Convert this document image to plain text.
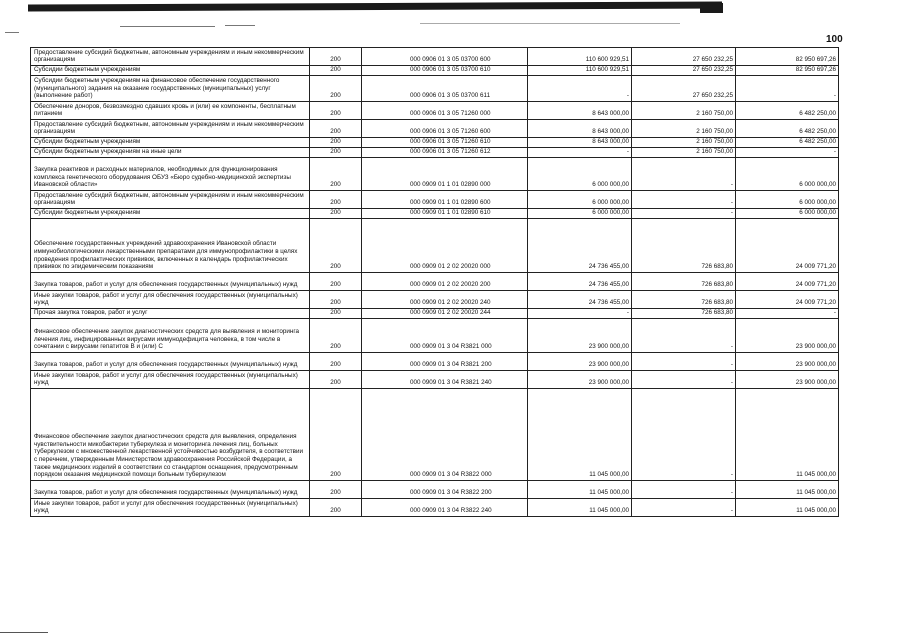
100
Предоставление субсидий бюджетным, автономным учреждениям и иным некоммерческим организациям	200	000 0906 01 3 05 03700 600	110 600 929,51	27 650 232,25	82 950 697,26
Субсидии бюджетным учреждениям	200	000 0906 01 3 05 03700 610	110 600 929,51	27 650 232,25	82 950 697,26
Субсидии бюджетным учреждениям на финансовое обеспечение государственного (муниципального) задания на оказание государственных (муниципальных) услуг (выполнение работ)	200	000 0906 01 3 05 03700 611	-	27 650 232,25	-
Обеспечение доноров, безвозмездно сдавших кровь и (или) ее компоненты, бесплатным питанием	200	000 0906 01 3 05 71260 000	8 643 000,00	2 160 750,00	6 482 250,00
Предоставление субсидий бюджетным, автономным учреждениям и иным некоммерческим организациям	200	000 0906 01 3 05 71260 600	8 643 000,00	2 160 750,00	6 482 250,00
Субсидии бюджетным учреждениям	200	000 0906 01 3 05 71260 610	8 643 000,00	2 160 750,00	6 482 250,00
Субсидии бюджетным учреждениям на иные цели	200	000 0906 01 3 05 71260 612	-	2 160 750,00	-
Закупка реактивов и расходных материалов, необходимых для функционирования комплекса генетического оборудования ОБУЗ «Бюро судебно-медицинской экспертизы Ивановской области»	200	000 0909 01 1 01 02890 000	6 000 000,00	-	6 000 000,00
Предоставление субсидий бюджетным, автономным учреждениям и иным некоммерческим организациям	200	000 0909 01 1 01 02890 600	6 000 000,00	-	6 000 000,00
Субсидии бюджетным учреждениям	200	000 0909 01 1 01 02890 610	6 000 000,00	-	6 000 000,00
Обеспечение государственных учреждений здравоохранения Ивановской области иммунобиологическими лекарственными препаратами для иммунопрофилактики в целях проведения профилактических прививок, включенных в календарь профилактических прививок по эпидемическим показаниям	200	000 0909 01 2 02 20020 000	24 736 455,00	726 683,80	24 009 771,20
Закупка товаров, работ и услуг для обеспечения государственных (муниципальных) нужд	200	000 0909 01 2 02 20020 200	24 736 455,00	726 683,80	24 009 771,20
Иные закупки товаров, работ и услуг для обеспечения государственных (муниципальных) нужд	200	000 0909 01 2 02 20020 240	24 736 455,00	726 683,80	24 009 771,20
Прочая закупка товаров, работ и услуг	200	000 0909 01 2 02 20020 244	-	726 683,80	-
Финансовое обеспечение закупок диагностических средств для выявления и мониторинга лечения лиц, инфицированных вирусами иммунодефицита человека, в том числе в сочетании с вирусами гепатитов В и (или) С	200	000 0909 01 3 04 R3821 000	23 900 000,00	-	23 900 000,00
Закупка товаров, работ и услуг для обеспечения государственных (муниципальных) нужд	200	000 0909 01 3 04 R3821 200	23 900 000,00	-	23 900 000,00
Иные закупки товаров, работ и услуг для обеспечения государственных (муниципальных) нужд	200	000 0909 01 3 04 R3821 240	23 900 000,00	-	23 900 000,00
Финансовое обеспечение закупок диагностических средств для выявления, определения чувствительности микобактерии туберкулеза и мониторинга лечения лиц, больных туберкулезом с множественной лекарственной устойчивостью возбудителя, в соответствии с перечнем, утвержденным Министерством здравоохранения Российской Федерации, а также медицинских изделий в соответствии со стандартом оснащения, предусмотренным порядком оказания медицинской помощи больным туберкулезом	200	000 0909 01 3 04 R3822 000	11 045 000,00	-	11 045 000,00
Закупка товаров, работ и услуг для обеспечения государственных (муниципальных) нужд	200	000 0909 01 3 04 R3822 200	11 045 000,00	-	11 045 000,00
Иные закупки товаров, работ и услуг для обеспечения государственных (муниципальных) нужд	200	000 0909 01 3 04 R3822 240	11 045 000,00	-	11 045 000,00
